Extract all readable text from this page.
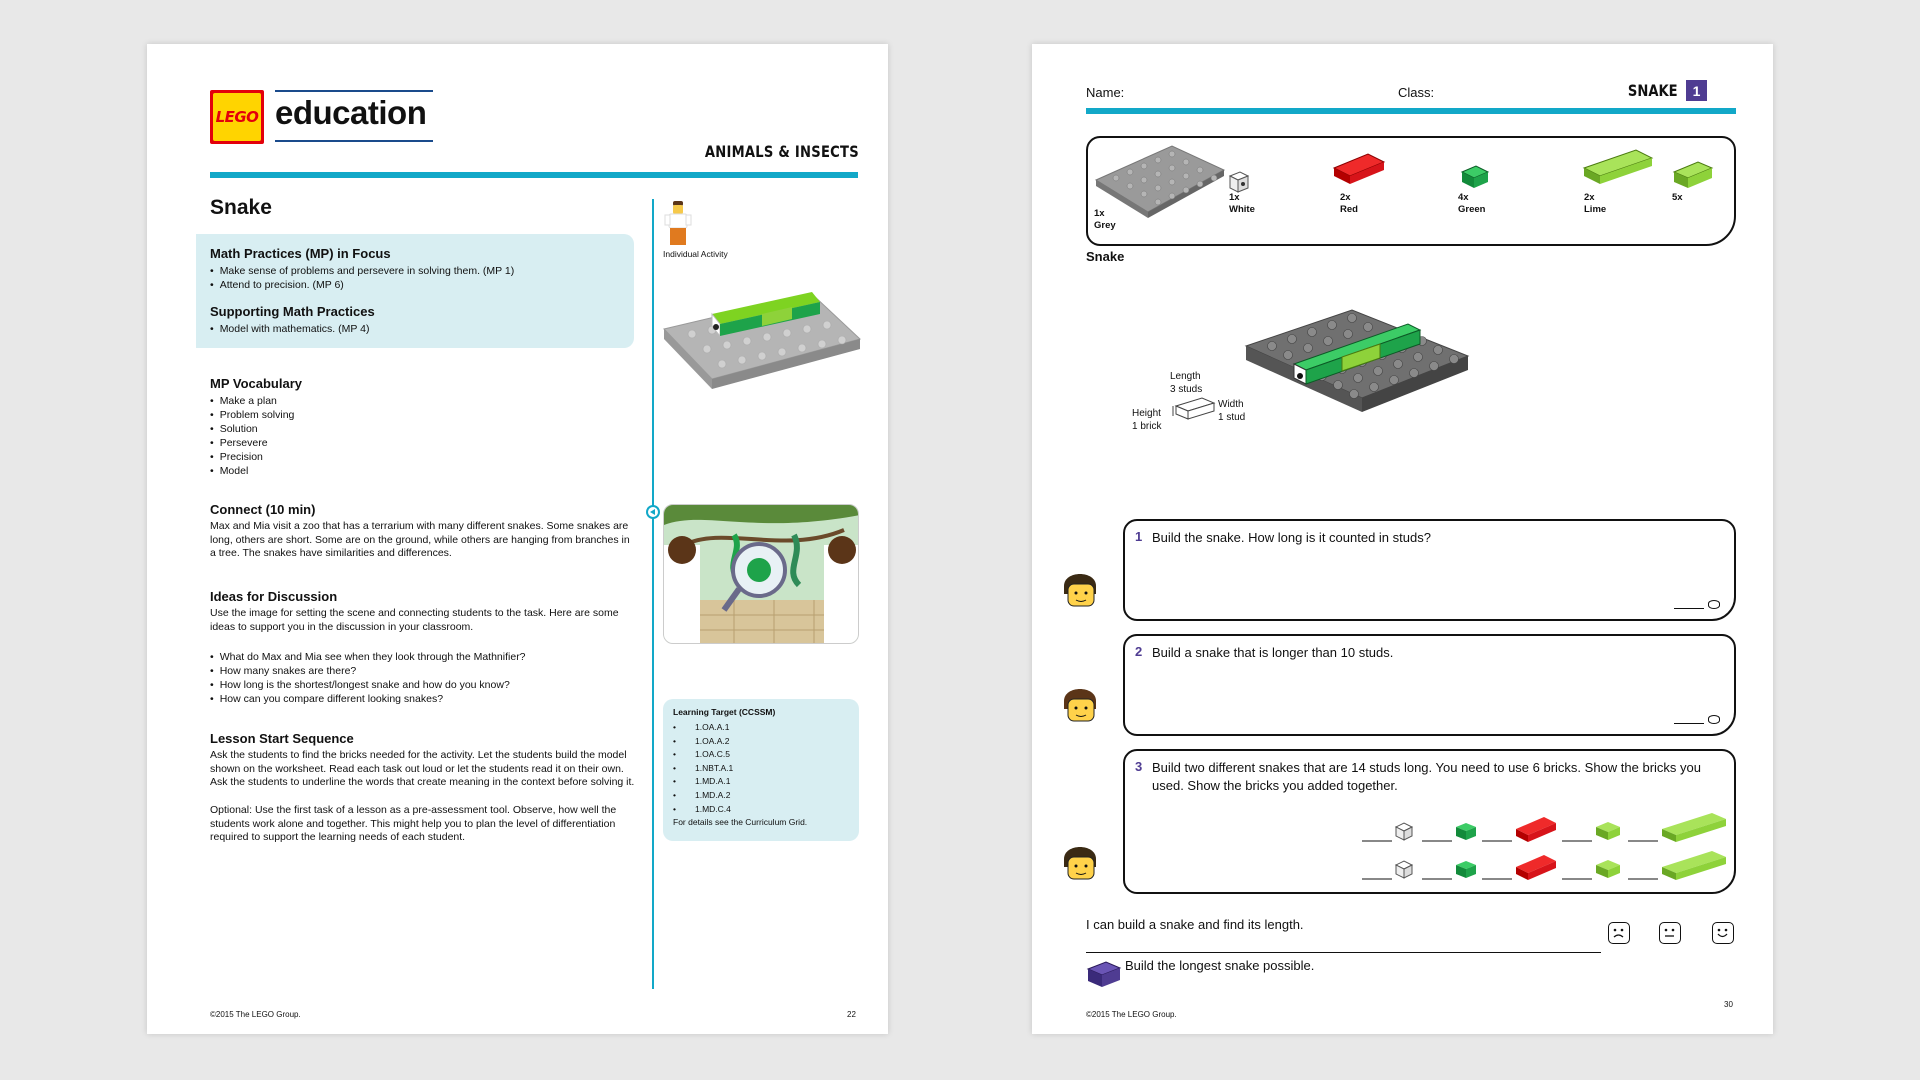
LEGO education
ANIMALS & INSECTS
Snake
Math Practices (MP) in Focus
• Make sense of problems and persevere in solving them. (MP 1)
• Attend to precision. (MP 6)
Supporting Math Practices
• Model with mathematics. (MP 4)
MP Vocabulary
• Make a plan
• Problem solving
• Solution
• Persevere
• Precision
• Model
Connect (10 min)
Max and Mia visit a zoo that has a terrarium with many different snakes. Some snakes are long, others are short. Some are on the ground, while others are hanging from branches in a tree. The snakes have similarities and differences.
Ideas for Discussion
Use the image for setting the scene and connecting students to the task. Here are some ideas to support you in the discussion in your classroom.
• What do Max and Mia see when they look through the Mathnifier?
• How many snakes are there?
• How long is the shortest/longest snake and how do you know?
• How can you compare different looking snakes?
Lesson Start Sequence
Ask the students to find the bricks needed for the activity. Let the students build the model shown on the worksheet. Read each task out loud or let the students read it on their own. Ask the students to underline the words that create meaning in the context before solving it.
Optional: Use the first task of a lesson as a pre-assessment tool. Observe, how well the students work alone and together. This might help you to plan the level of differentiation required to support the learning needs of each student.
Individual Activity
Learning Target (CCSSM)
• 1.OA.A.1
• 1.OA.A.2
• 1.OA.C.5
• 1.NBT.A.1
• 1.MD.A.1
• 1.MD.A.2
• 1.MD.C.4
For details see the Curriculum Grid.
©2015 The LEGO Group.	22
Name:	Class:	SNAKE	1
1x
Grey
1x
White
2x
Red
4x
Green
2x
Lime
5x
Snake
Length
3 studs
Height
1 brick
Width
1 stud
1 Build the snake. How long is it counted in studs?
2 Build a snake that is longer than 10 studs.
3 Build two different snakes that are 14 studs long. You need to use 6 bricks. Show the bricks you used. Show the bricks you added together.
I can build a snake and find its length.
Build the longest snake possible.
©2015 The LEGO Group.
30
